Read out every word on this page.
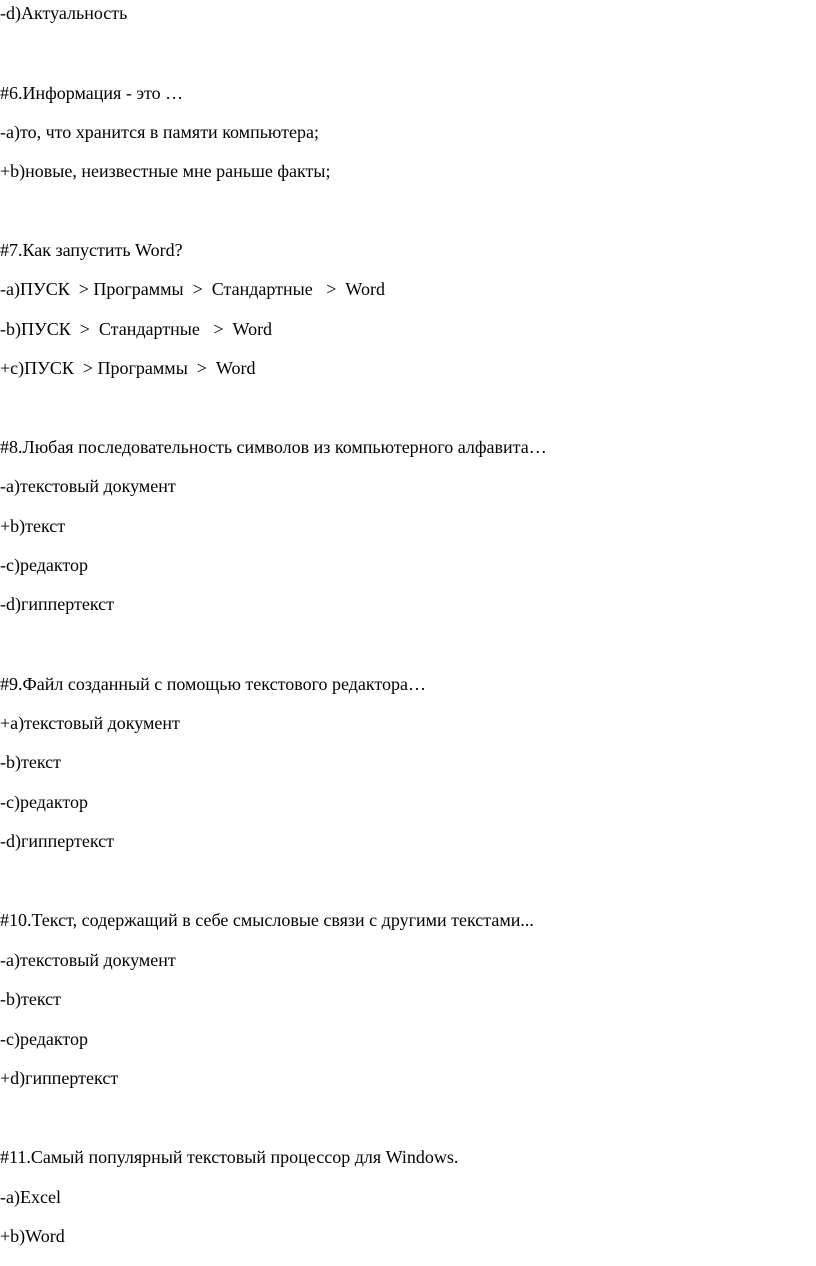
-d)Актуальность
#6.Информация - это …
-a)то, что хранится в памяти компьютера;
+b)новые, неизвестные мне раньше факты;
#7.Как запустить Word?
-a)ПУСК  > Программы  >  Стандартные   >  Word
-b)ПУСК  >  Стандартные   >  Word
+c)ПУСК  > Программы  >  Word
#8.Любая последовательность символов из компьютерного алфавита…
-a)текстовый документ
+b)текст
-c)редактор
-d)гиппертекст
#9.Файл созданный с помощью текстового редактора…
+a)текстовый документ
-b)текст
-c)редактор
-d)гиппертекст
#10.Текст, содержащий в себе смысловые связи с другими текстами...
-a)текстовый документ
-b)текст
-c)редактор
+d)гиппертекст
#11.Самый популярный текстовый процессор для Windows.
-a)Excel
+b)Word
